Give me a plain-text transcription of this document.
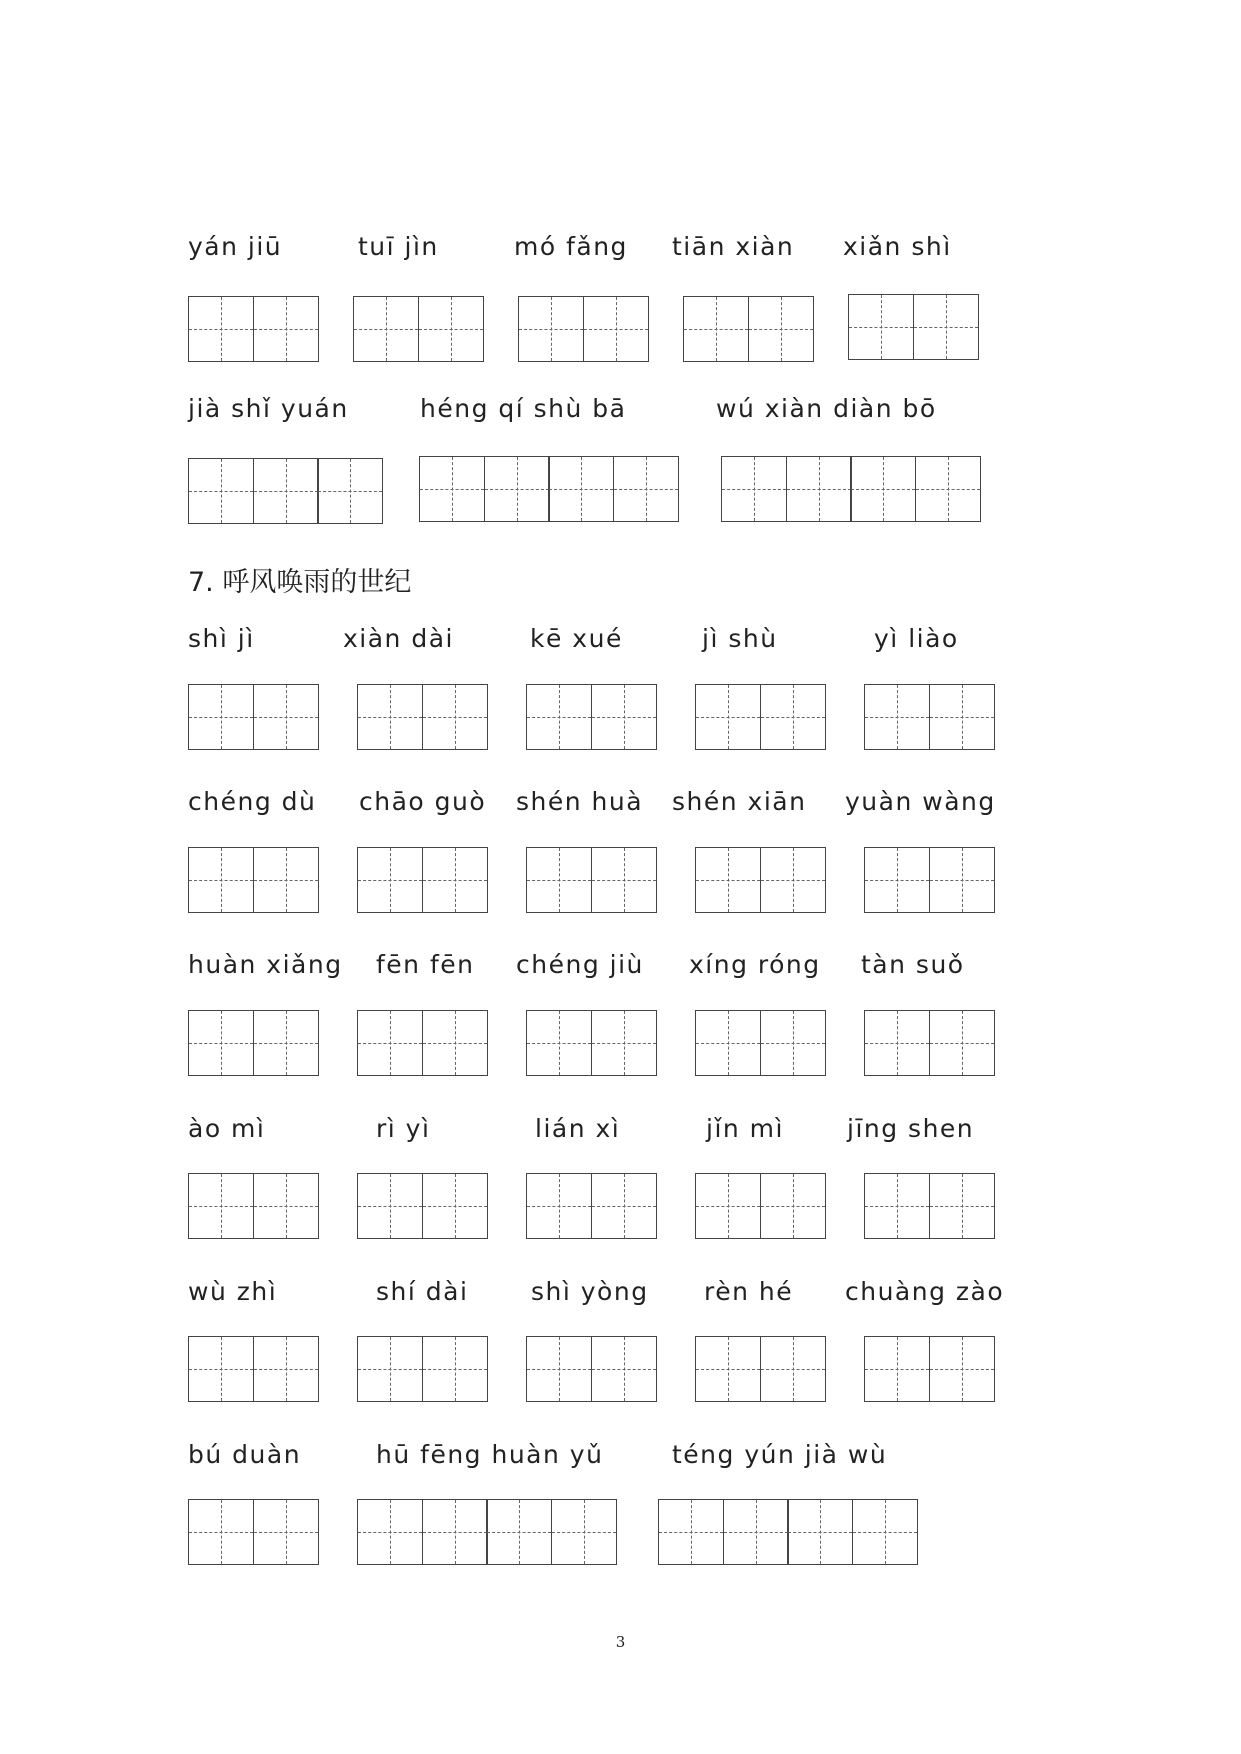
yán jiū	tuī jìn	mó fǎng tiān xiàn xiǎn shì
jià shǐ yuán	héng qí shù bā	wú xiàn diàn bō
7. 呼风唤雨的世纪
shì jì	xiàn dài	kē xué	jì shù	yì liào
chéng dù chāo guò shén huà shén xiān yuàn wàng
huàn xiǎng fēn fēn chéng jiù xíng róng tàn suǒ
ào mì	rì yì	lián xì	jǐn mì	jīng shen
wù zhì	shí dài	shì yòng rèn hé chuàng zào
bú duàn	hū fēng huàn yǔ	téng yún jià wù
3
